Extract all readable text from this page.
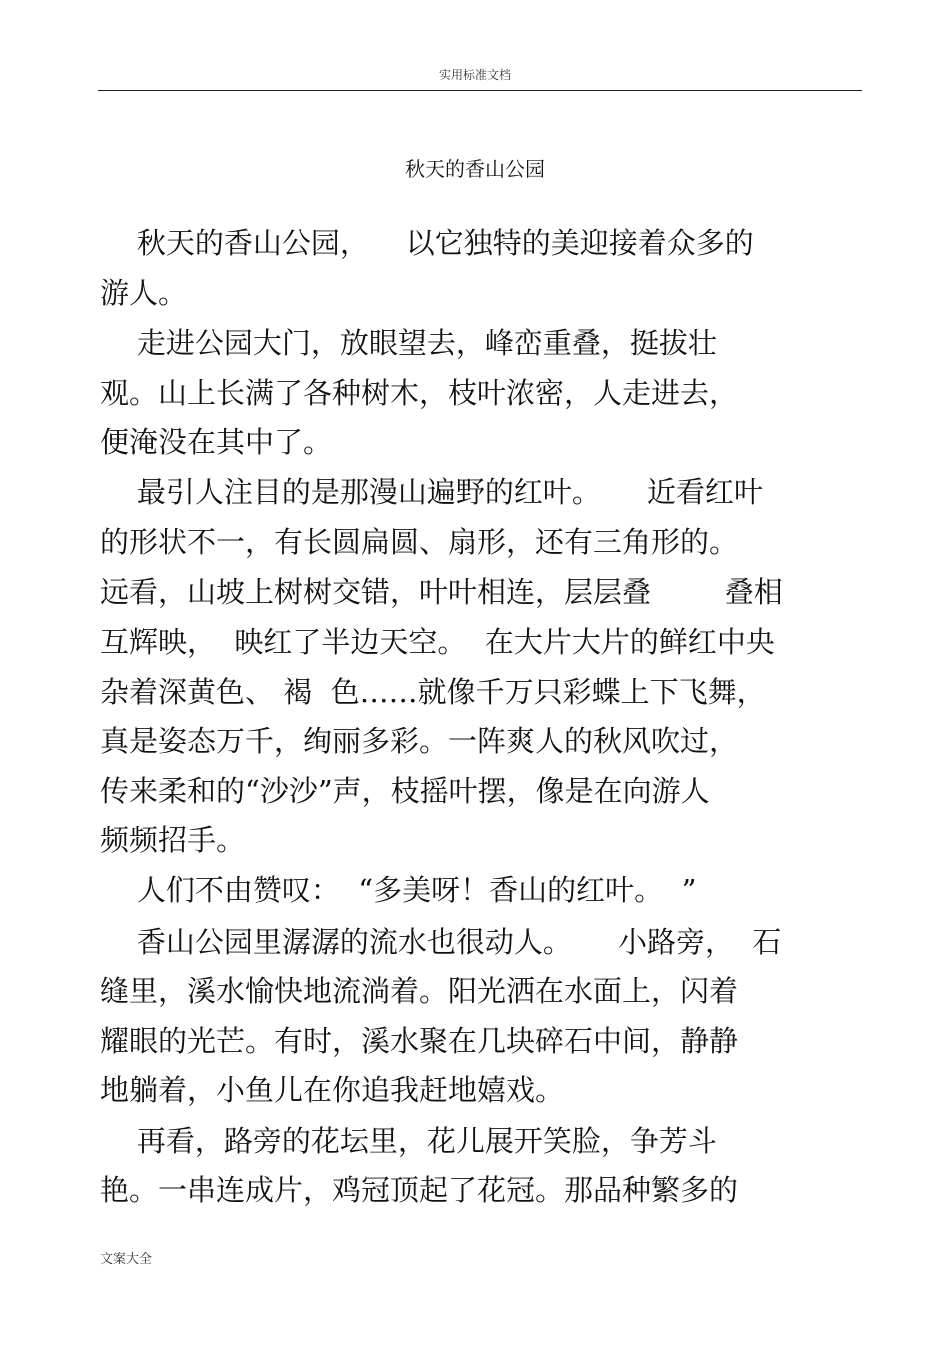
实用标准文档
秋天的香山公园
秋天的香山公园，    以它独特的美迎接着众多的
游人。
走进公园大门，放眼望去，峰峦重叠，挺拔壮
观。山上长满了各种树木，枝叶浓密，人走进去，
便淹没在其中了。
最引人注目的是那漫山遍野的红叶。     近看红叶
的形状不一，有长圆扁圆、扇形，还有三角形的。
远看，山坡上树树交错，叶叶相连，层层叠        叠相
互辉映，  映红了半边天空。  在大片大片的鲜红中央
杂着深黄色、 褐  色……就像千万只彩蝶上下飞舞，
真是姿态万千，绚丽多彩。一阵爽人的秋风吹过，
传来柔和的“沙沙”声，枝摇叶摆，像是在向游人
频频招手。
人们不由赞叹：  “多美呀！香山的红叶。  ”
香山公园里潺潺的流水也很动人。     小路旁，  石
缝里，溪水愉快地流淌着。阳光洒在水面上，闪着
耀眼的光芒。有时，溪水聚在几块碎石中间，静静
地躺着，小鱼儿在你追我赶地嬉戏。
再看，路旁的花坛里，花儿展开笑脸，争芳斗
艳。一串连成片，鸡冠顶起了花冠。那品种繁多的
文案大全
